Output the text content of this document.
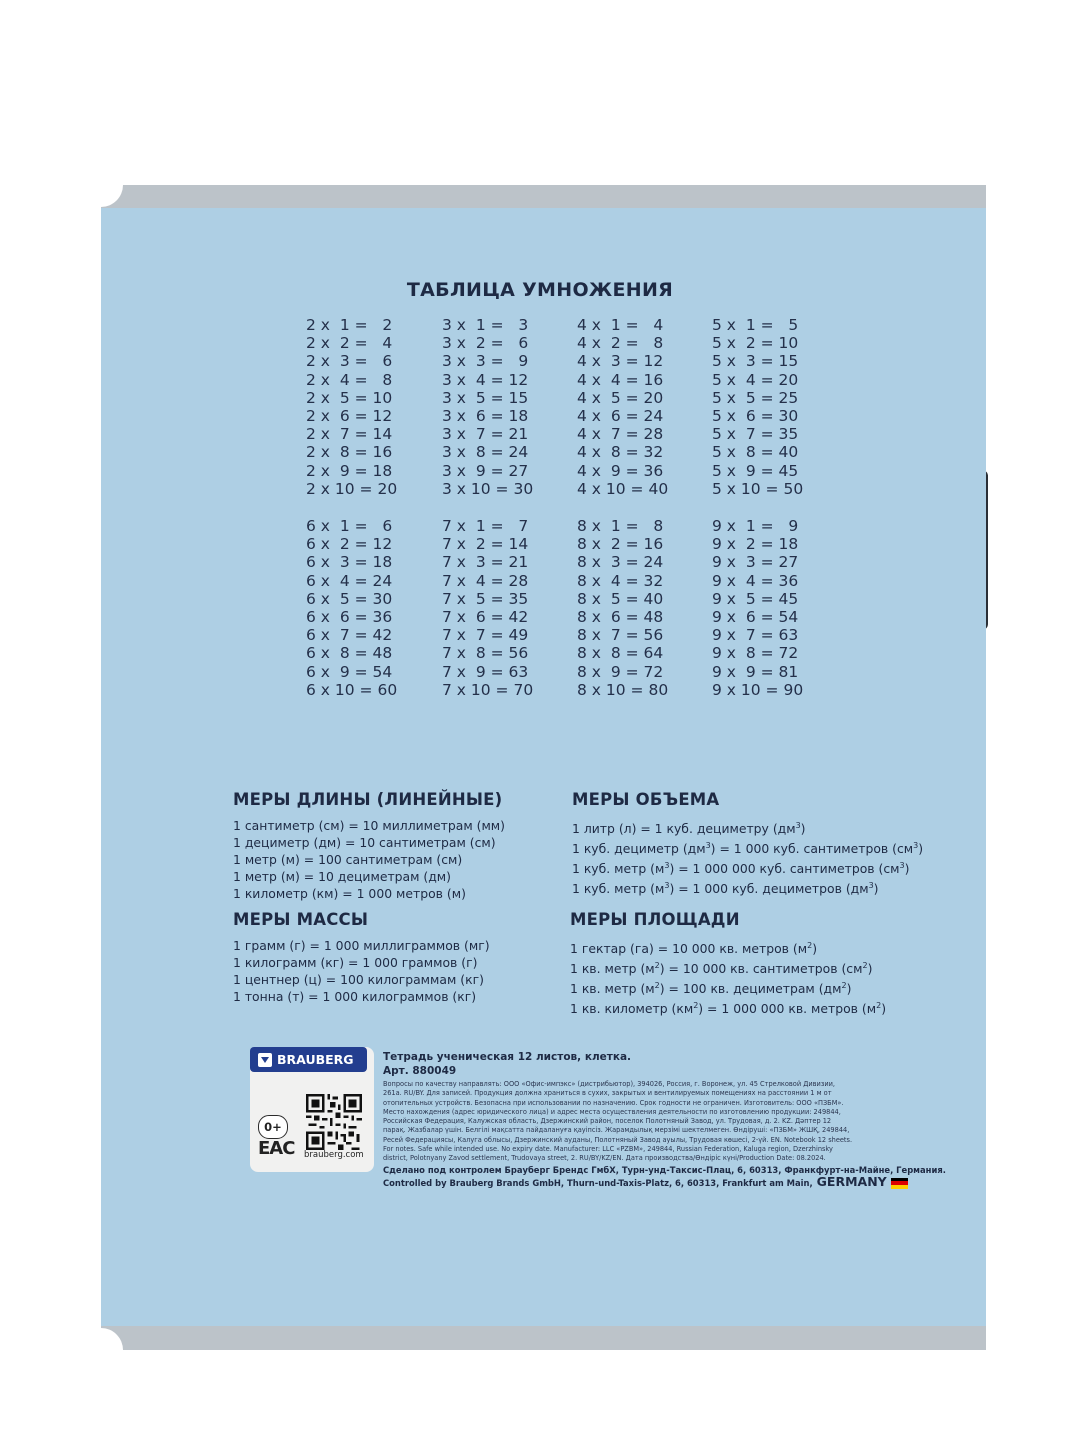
ТАБЛИЦА УМНОЖЕНИЯ
2 x  1 =   2
2 x  2 =   4
2 x  3 =   6
2 x  4 =   8
2 x  5 = 10
2 x  6 = 12
2 x  7 = 14
2 x  8 = 16
2 x  9 = 18
2 x 10 = 20
3 x  1 =   3
3 x  2 =   6
3 x  3 =   9
3 x  4 = 12
3 x  5 = 15
3 x  6 = 18
3 x  7 = 21
3 x  8 = 24
3 x  9 = 27
3 x 10 = 30
4 x  1 =   4
4 x  2 =   8
4 x  3 = 12
4 x  4 = 16
4 x  5 = 20
4 x  6 = 24
4 x  7 = 28
4 x  8 = 32
4 x  9 = 36
4 x 10 = 40
5 x  1 =   5
5 x  2 = 10
5 x  3 = 15
5 x  4 = 20
5 x  5 = 25
5 x  6 = 30
5 x  7 = 35
5 x  8 = 40
5 x  9 = 45
5 x 10 = 50
6 x  1 =   6
6 x  2 = 12
6 x  3 = 18
6 x  4 = 24
6 x  5 = 30
6 x  6 = 36
6 x  7 = 42
6 x  8 = 48
6 x  9 = 54
6 x 10 = 60
7 x  1 =   7
7 x  2 = 14
7 x  3 = 21
7 x  4 = 28
7 x  5 = 35
7 x  6 = 42
7 x  7 = 49
7 x  8 = 56
7 x  9 = 63
7 x 10 = 70
8 x  1 =   8
8 x  2 = 16
8 x  3 = 24
8 x  4 = 32
8 x  5 = 40
8 x  6 = 48
8 x  7 = 56
8 x  8 = 64
8 x  9 = 72
8 x 10 = 80
9 x  1 =   9
9 x  2 = 18
9 x  3 = 27
9 x  4 = 36
9 x  5 = 45
9 x  6 = 54
9 x  7 = 63
9 x  8 = 72
9 x  9 = 81
9 x 10 = 90
МЕРЫ ДЛИНЫ (ЛИНЕЙНЫЕ)
1 сантиметр (см) = 10 миллиметрам (мм)
1 дециметр (дм) = 10 сантиметрам (см)
1 метр (м) = 100 сантиметрам (см)
1 метр (м) = 10 дециметрам (дм)
1 километр (км) = 1 000 метров (м)
МЕРЫ ОБЪЕМА
1 литр (л) = 1 куб. дециметру $(дм^3)$
1 куб. дециметр $(дм^3) = 1$ 000 куб. сантиметров $(см^3)$
1 куб. метр $(м^3) = 1$ 000 000 куб. сантиметров $(см^3)$
1 куб. метр $(м^3) = 1$ 000 куб. дециметров $(дм^3)$
МЕРЫ МАССЫ
1 грамм (г) = 1 000 миллиграммов (мг)
1 килограмм (кг) = 1 000 граммов (г)
1 центнер (ц) = 100 килограммам (кг)
1 тонна (т) = 1 000 килограммов (кг)
МЕРЫ ПЛОЩАДИ
1 гектар (га) = 10 000 кв. метров $(м^2)$
1 кв. метр $(м^2) = 10$ 000 кв. сантиметров $(см^2)$
1 кв. метр $(м^2) = 100$ кв. дециметрам $(дм^2)$
1 кв. километр $(км^2) = 1$ 000 000 кв. метров $(м^2)$
BRAUBERG
0+
EAC brauberg.com
Тетрадь ученическая 12 листов, клетка.
Арт. 880049
Вопросы по качеству направлять: ООО «Офис-импэкс» (дистрибьютор), 394026, Россия, г. Воронеж, ул. 45 Стрелковой Дивизии, 261а. RU/BY. Для записей. Продукция должна храниться в сухих, закрытых и вентилируемых помещениях на расстоянии 1 м от отопительных устройств. Безопасна при использовании по назначению. Срок годности не ограничен. Изготовитель: ООО «ПЗБМ». Место нахождения (адрес юридического лица) и адрес места осуществления деятельности по изготовлению продукции: 249844, Российская Федерация, Калужская область, Дзержинский район, поселок Полотняный Завод, ул. Трудовая, д. 2. KZ. Дәптер 12 парақ. Жазбалар үшін. Белгілі мақсатта пайдалануға қауіпсіз. Жарамдылық мерзімі шектелмеген. Өндіруші: «ПЗБМ» ЖШҚ, 249844, Ресей Федерациясы, Калуга облысы, Дзержинский ауданы, Полотняный Завод ауылы, Трудовая көшесі, 2-үй. EN. Notebook 12 sheets. For notes. Safe while intended use. No expiry date. Manufacturer: LLC «PZBM», 249844, Russian Federation, Kaluga region, Dzerzhinsky district, Polotnyany Zavod settlement, Trudovaya street, 2. RU/BY/KZ/EN. Дата производства/Өндіріс күні/Production Date: 08.2024.
Сделано под контролем Брауберг Брендс ГмбХ, Турн-унд-Таксис-Плац, 6, 60313, Франкфурт-на-Майне, Германия.
Controlled by Brauberg Brands GmbH, Thurn-und-Taxis-Platz, 6, 60313, Frankfurt am Main, GERMANY
